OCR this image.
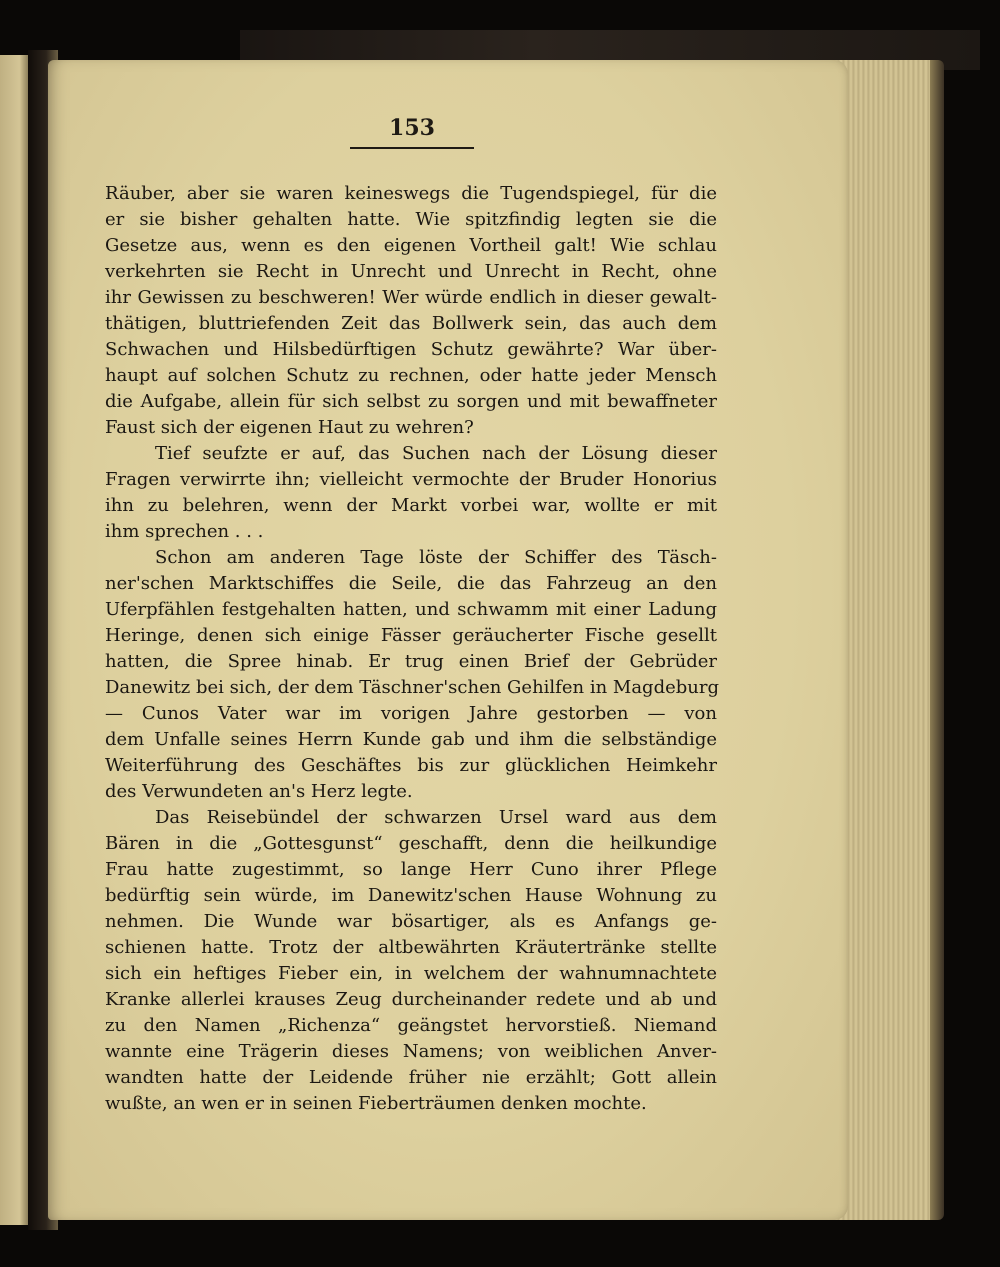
153
Räuber, aber sie waren keineswegs die Tugendspiegel, für die
er sie bisher gehalten hatte. Wie spitzfindig legten sie die
Gesetze aus, wenn es den eigenen Vortheil galt! Wie schlau
verkehrten sie Recht in Unrecht und Unrecht in Recht, ohne
ihr Gewissen zu beschweren! Wer würde endlich in dieser gewalt-
thätigen, bluttriefenden Zeit das Bollwerk sein, das auch dem
Schwachen und Hilsbedürftigen Schutz gewährte? War über-
haupt auf solchen Schutz zu rechnen, oder hatte jeder Mensch
die Aufgabe, allein für sich selbst zu sorgen und mit bewaffneter
Faust sich der eigenen Haut zu wehren?
Tief seufzte er auf, das Suchen nach der Lösung dieser
Fragen verwirrte ihn; vielleicht vermochte der Bruder Honorius
ihn zu belehren, wenn der Markt vorbei war, wollte er mit
ihm sprechen . . .
Schon am anderen Tage löste der Schiffer des Täsch-
ner'schen Marktschiffes die Seile, die das Fahrzeug an den
Uferpfählen festgehalten hatten, und schwamm mit einer Ladung
Heringe, denen sich einige Fässer geräucherter Fische gesellt
hatten, die Spree hinab. Er trug einen Brief der Gebrüder
Danewitz bei sich, der dem Täschner'schen Gehilfen in Magdeburg
— Cunos Vater war im vorigen Jahre gestorben — von
dem Unfalle seines Herrn Kunde gab und ihm die selbständige
Weiterführung des Geschäftes bis zur glücklichen Heimkehr
des Verwundeten an's Herz legte.
Das Reisebündel der schwarzen Ursel ward aus dem
Bären in die „Gottesgunst“ geschafft, denn die heilkundige
Frau hatte zugestimmt, so lange Herr Cuno ihrer Pflege
bedürftig sein würde, im Danewitz'schen Hause Wohnung zu
nehmen. Die Wunde war bösartiger, als es Anfangs ge-
schienen hatte. Trotz der altbewährten Kräutertränke stellte
sich ein heftiges Fieber ein, in welchem der wahnumnachtete
Kranke allerlei krauses Zeug durcheinander redete und ab und
zu den Namen „Richenza“ geängstet hervorstieß. Niemand
wannte eine Trägerin dieses Namens; von weiblichen Anver-
wandten hatte der Leidende früher nie erzählt; Gott allein
wußte, an wen er in seinen Fieberträumen denken mochte.
